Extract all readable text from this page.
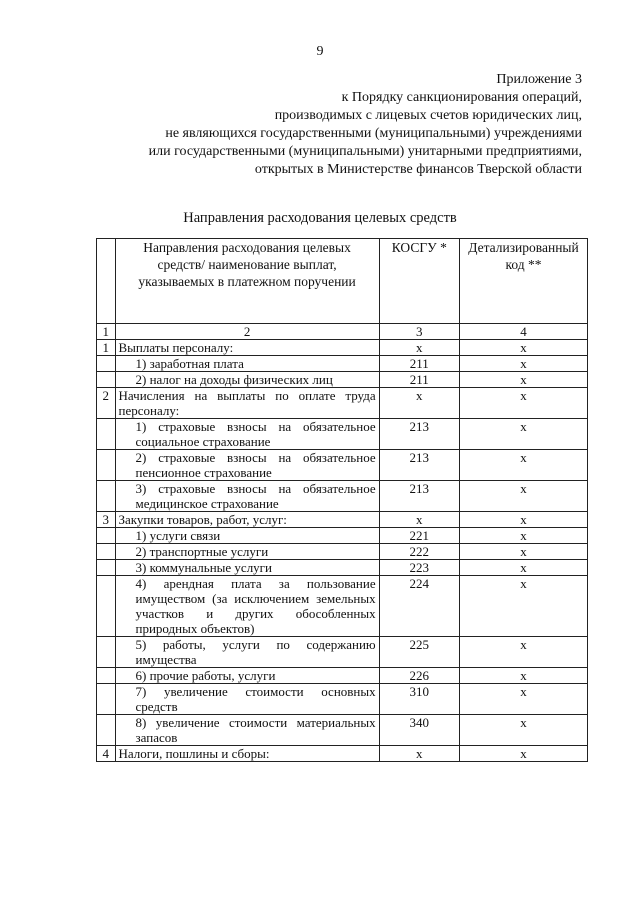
9
Приложение 3
к Порядку санкционирования операций,
производимых с лицевых счетов юридических лиц,
не являющихся государственными (муниципальными) учреждениями
или государственными (муниципальными) унитарными предприятиями,
открытых в Министерстве финансов Тверской области
Направления расходования целевых средств
	Направления расходования целевых средств/ наименование выплат, указываемых в платежном поручении	КОСГУ *	Детализированный код **
1	2	3	4
1	Выплаты персоналу:	x	x
	1) заработная плата	211	x
	2) налог на доходы физических лиц	211	x
2	Начисления на выплаты по оплате труда персоналу:	x	x
	1) страховые взносы на обязательное социальное страхование	213	x
	2) страховые взносы на обязательное пенсионное страхование	213	x
	3) страховые взносы на обязательное медицинское страхование	213	x
3	Закупки товаров, работ, услуг:	x	x
	1) услуги связи	221	x
	2) транспортные услуги	222	x
	3) коммунальные услуги	223	x
	4) арендная плата за пользование имуществом (за исключением земельных участков и других обособленных природных объектов)	224	x
	5) работы, услуги по содержанию имущества	225	x
	6) прочие работы, услуги	226	x
	7) увеличение стоимости основных средств	310	x
	8) увеличение стоимости материальных запасов	340	x
4	Налоги, пошлины и сборы:	x	x
